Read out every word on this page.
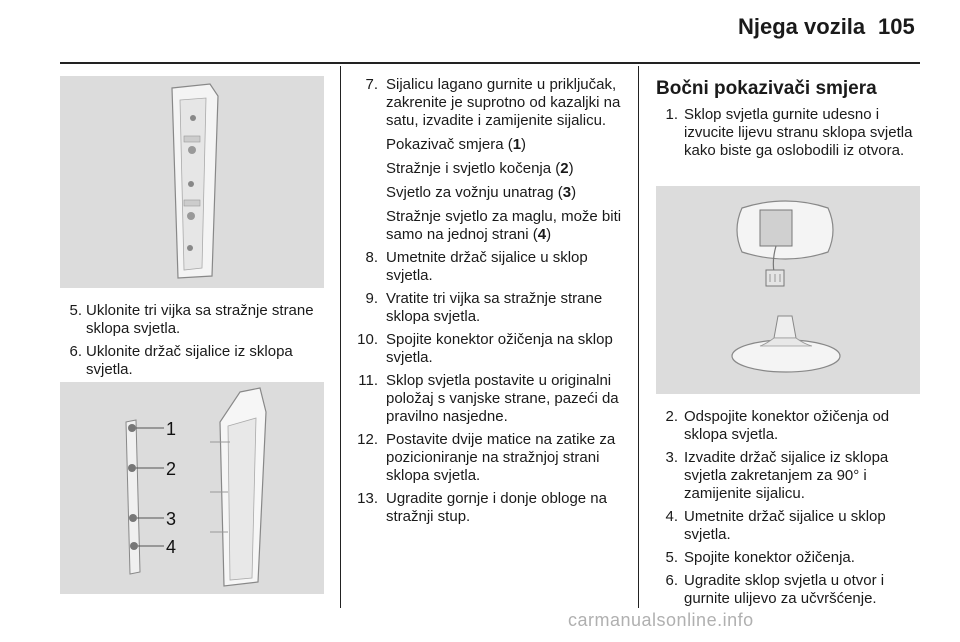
Njega vozila 105
5. Uklonite tri vijka sa stražnje strane sklopa svjetla.
6. Uklonite držač sijalice iz sklopa svjetla.
1
2
3
4
7. Sijalicu lagano gurnite u priključak, zakrenite je suprotno od kazaljki na satu, izvadite i zamijenite sijalicu.
Pokazivač smjera (1)
Stražnje i svjetlo kočenja (2)
Svjetlo za vožnju unatrag (3)
Stražnje svjetlo za maglu, može biti samo na jednoj strani (4)
8. Umetnite držač sijalice u sklop svjetla.
9. Vratite tri vijka sa stražnje strane sklopa svjetla.
10. Spojite konektor ožičenja na sklop svjetla.
11. Sklop svjetla postavite u originalni položaj s vanjske strane, pazeći da pravilno nasjedne.
12. Postavite dvije matice na zatike za pozicioniranje na stražnjoj strani sklopa svjetla.
13. Ugradite gornje i donje obloge na stražnji stup.
Bočni pokazivači smjera
1. Sklop svjetla gurnite udesno i izvucite lijevu stranu sklopa svjetla kako biste ga oslobodili iz otvora.
2. Odspojite konektor ožičenja od sklopa svjetla.
3. Izvadite držač sijalice iz sklopa svjetla zakretanjem za 90° i zamijenite sijalicu.
4. Umetnite držač sijalice u sklop svjetla.
5. Spojite konektor ožičenja.
6. Ugradite sklop svjetla u otvor i gurnite ulijevo za učvršćenje.
carmanualsonline.info
